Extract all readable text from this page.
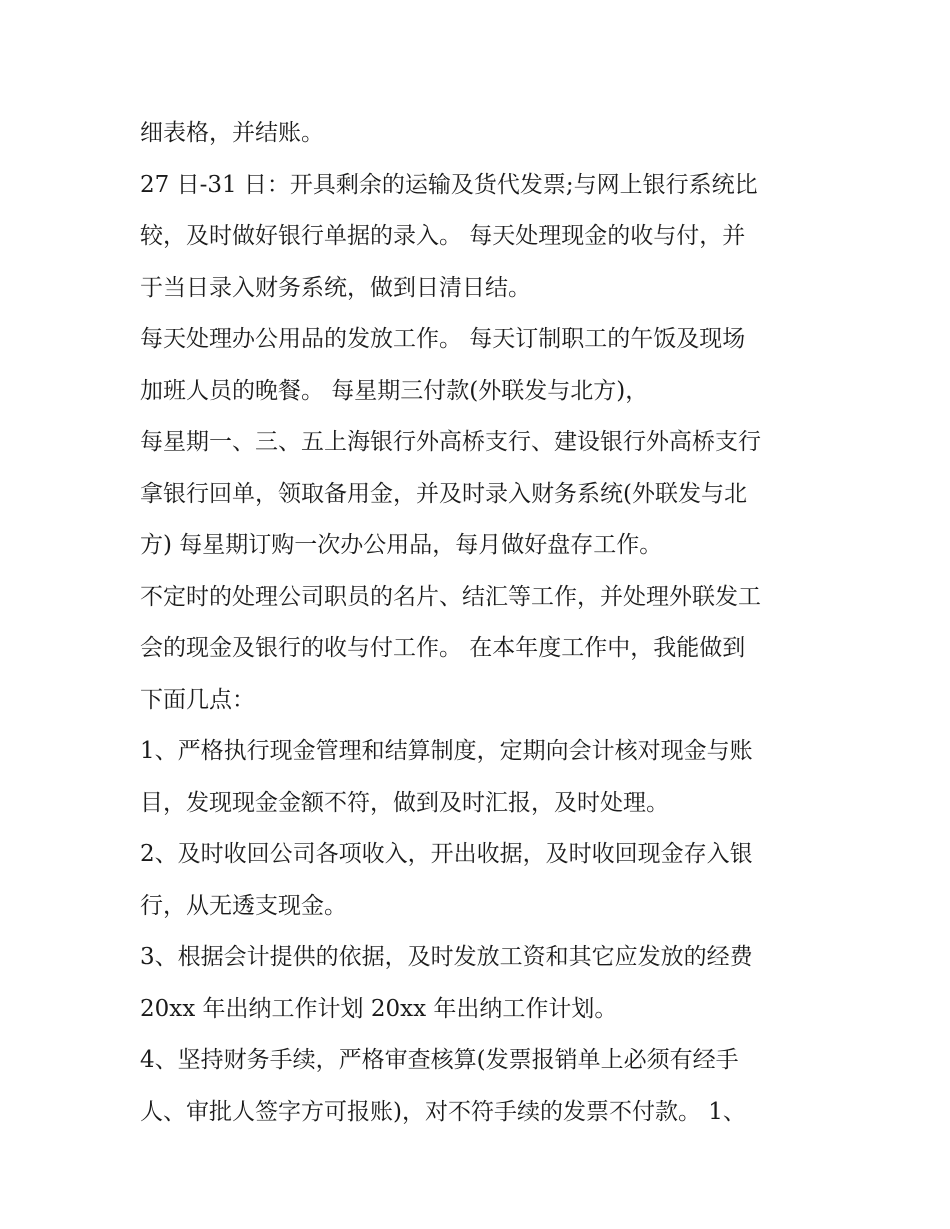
细表格，并结账。
27 日-31 日：开具剩余的运输及货代发票;与网上银行系统比
较，及时做好银行单据的录入。 每天处理现金的收与付，并
于当日录入财务系统，做到日清日结。
每天处理办公用品的发放工作。 每天订制职工的午饭及现场
加班人员的晚餐。 每星期三付款(外联发与北方)，
每星期一、三、五上海银行外高桥支行、建设银行外高桥支行
拿银行回单，领取备用金，并及时录入财务系统(外联发与北
方) 每星期订购一次办公用品，每月做好盘存工作。
不定时的处理公司职员的名片、结汇等工作，并处理外联发工
会的现金及银行的收与付工作。 在本年度工作中，我能做到
下面几点：
1、严格执行现金管理和结算制度，定期向会计核对现金与账
目，发现现金金额不符，做到及时汇报，及时处理。
2、及时收回公司各项收入，开出收据，及时收回现金存入银
行，从无透支现金。
3、根据会计提供的依据，及时发放工资和其它应发放的经费
20xx 年出纳工作计划 20xx 年出纳工作计划。
4、坚持财务手续，严格审查核算(发票报销单上必须有经手
人、审批人签字方可报账)，对不符手续的发票不付款。 1、
